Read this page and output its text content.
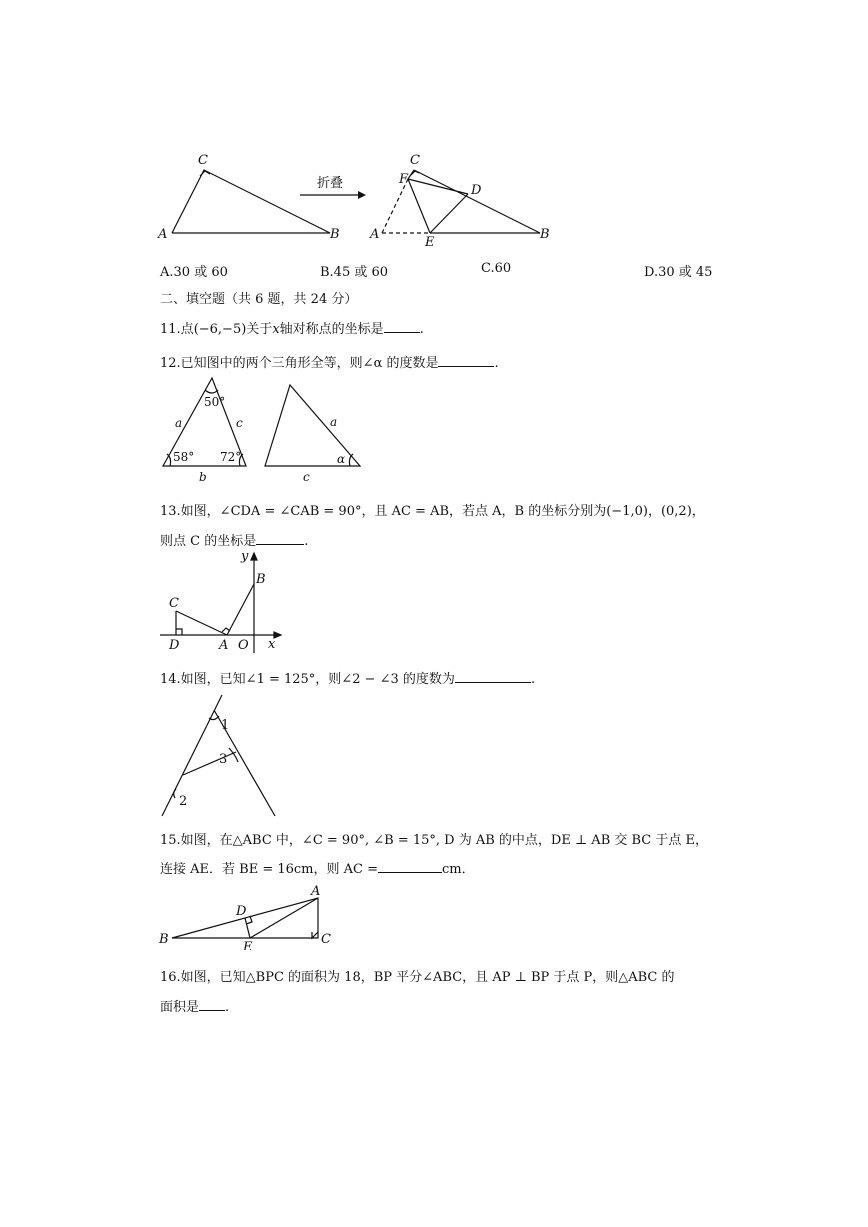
A
C
B
折叠
A
C
F
D
E
B
A.30 或 60	B.45 或 60	C.60	D.30 或 45
二、填空题（共 6 题，共 24 分）
11.点(−6,−5)关于x轴对称点的坐标是	.
12.已知图中的两个三角形全等，则∠α 的度数是	.
50°
58° 72°
a	c
b
a
c
α
13.如图，∠CDA = ∠CAB = 90°，且 AC = AB，若点 A，B 的坐标分别为(−1,0)，(0,2)，
则点 C 的坐标是	.
y
x
B
C
D	A O
14.如图，已知∠1 = 125°，则∠2 − ∠3 的度数为	.
1
3
2
15.如图，在△ABC 中，∠C = 90°, ∠B = 15°, D 为 AB 的中点，DE ⊥ AB 交 BC 于点 E，
连接 AE．若 BE = 16cm，则 AC =	cm．
A
B	C
D
E
16.如图，已知△BPC 的面积为 18，BP 平分∠ABC，且 AP ⊥ BP 于点 P，则△ABC 的
面积是 .
